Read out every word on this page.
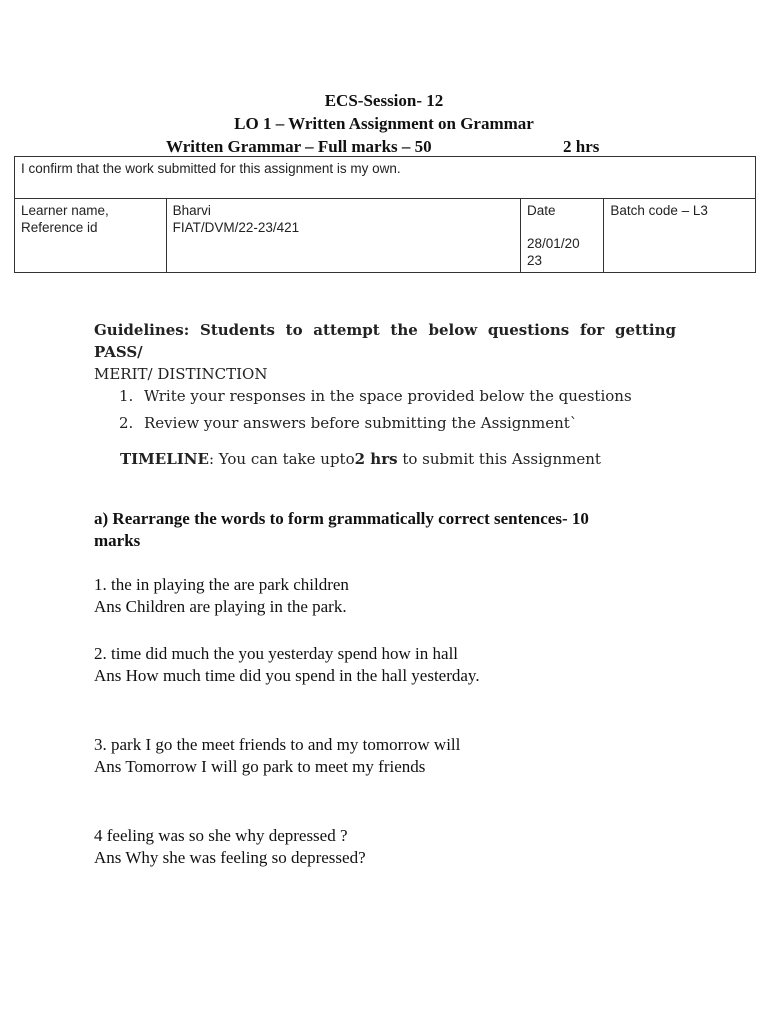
ECS-Session- 12
LO 1 – Written Assignment on Grammar
Written Grammar – Full marks – 50	2 hrs
I confirm that the work submitted for this assignment is my own.

Learner name,
Reference id

Bharvi
FIAT/DVM/22-23/421

Date
28/01/20
23

Batch code – L3
Guidelines: Students to attempt the below questions for getting PASS/
MERIT/ DISTINCTION
1. Write your responses in the space provided below the questions
2. Review your answers before submitting the Assignment`
TIMELINE: You can take upto2 hrs to submit this Assignment
a) Rearrange the words to form grammatically correct sentences- 10
marks
1. the in playing the are park children
Ans Children are playing in the park.
2. time did much the you yesterday spend how in hall
Ans How much time did you spend in the hall yesterday.
3. park I go the meet friends to and my tomorrow will
Ans Tomorrow I will go park to meet my friends
4 feeling was so she why depressed ?
Ans Why she was feeling so depressed?
